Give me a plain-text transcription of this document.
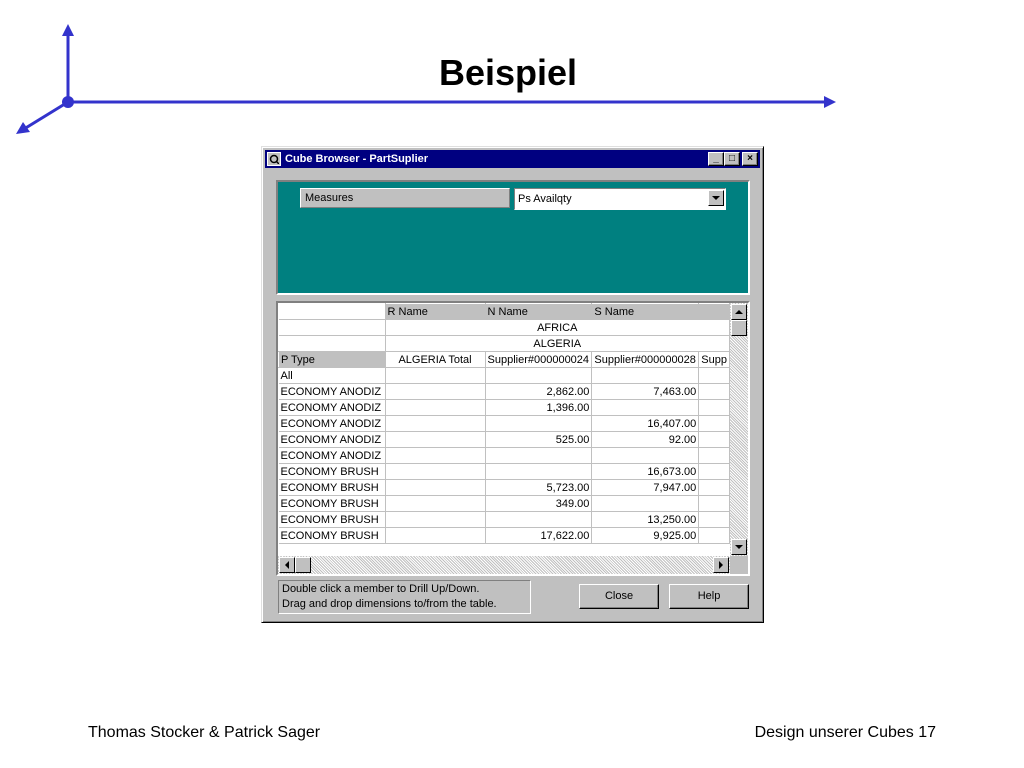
Beispiel
Cube Browser - PartSuplier	_	□	×
Measures	Ps Availqty
	R Name	N Name	S Name	
	AFRICA			
	ALGERIA			
P Type	ALGERIA Total	Supplier#000000024	Supplier#000000028	Supp
All				
ECONOMY ANODIZ		2,862.00	7,463.00	
ECONOMY ANODIZ		1,396.00		
ECONOMY ANODIZ			16,407.00	
ECONOMY ANODIZ		525.00	92.00	
ECONOMY ANODIZ				
ECONOMY BRUSH			16,673.00	
ECONOMY BRUSH		5,723.00	7,947.00	
ECONOMY BRUSH		349.00		
ECONOMY BRUSH			13,250.00	
ECONOMY BRUSH		17,622.00	9,925.00	
Double click a member to Drill Up/Down.
Drag and drop dimensions to/from the table.
Close	Help
Thomas Stocker & Patrick Sager	Design unserer Cubes 17
